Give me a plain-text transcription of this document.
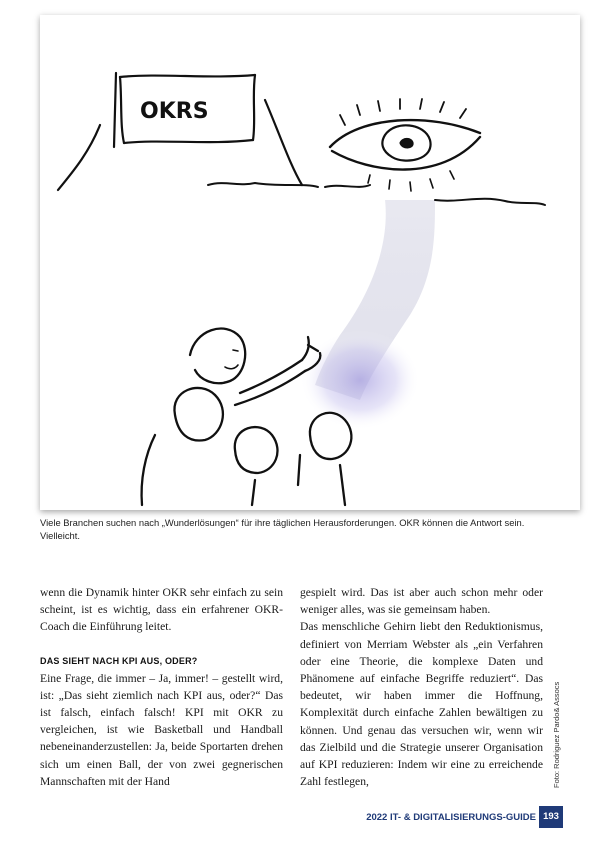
OKRS
Viele Branchen suchen nach „Wunderlösungen“ für ihre täglichen Herausforderungen. OKR können die Antwort sein. Vielleicht.

wenn die Dynamik hinter OKR sehr einfach zu sein scheint, ist es wichtig, dass ein erfahrener OKR-Coach die Einführung leitet.

DAS SIEHT NACH KPI AUS, ODER?

Eine Frage, die immer – Ja, immer! – gestellt wird, ist: „Das sieht ziemlich nach KPI aus, oder?“ Das ist falsch, einfach falsch! KPI mit OKR zu vergleichen, ist wie Basketball und Handball nebeneinanderzustellen: Ja, beide Sportarten drehen sich um einen Ball, der von zwei gegnerischen Mannschaften mit der Hand

gespielt wird. Das ist aber auch schon mehr oder weniger alles, was sie gemeinsam haben.

Das menschliche Gehirn liebt den Reduktionismus, definiert von Merriam Webster als „ein Verfahren oder eine Theorie, die komplexe Daten und Phänomene auf einfache Begriffe reduziert“. Das bedeutet, wir haben immer die Hoffnung, Komplexität durch einfache Zahlen bewältigen zu können. Und genau das versuchen wir, wenn wir das Zielbild und die Strategie unserer Organisation auf KPI reduzieren: Indem wir eine zu erreichende Zahl festlegen,	Foto: Rodriguez Pardo& Assocs
2022 IT- & DIGITALISIERUNGS-GUIDE 193
